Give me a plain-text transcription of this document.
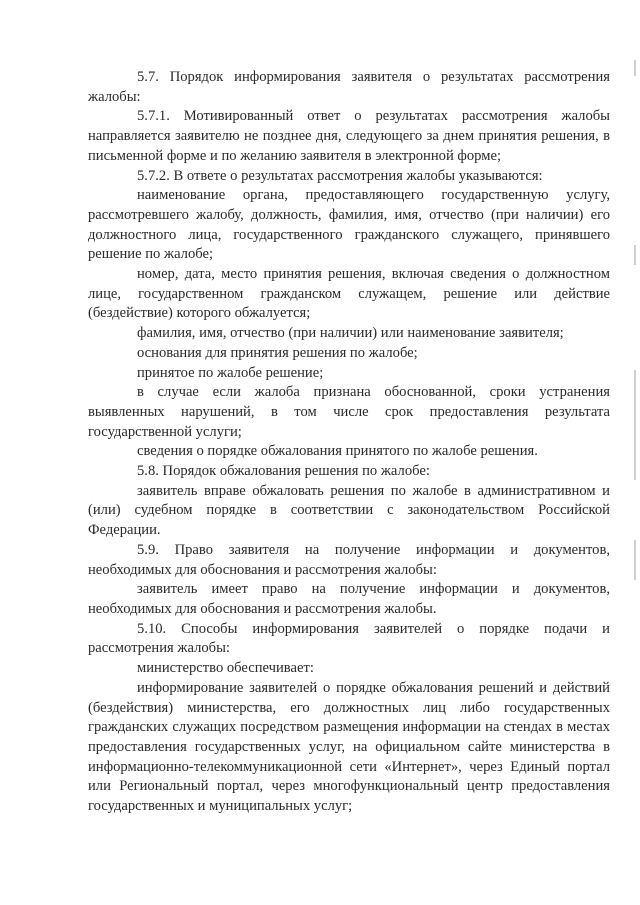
5.7. Порядок информирования заявителя о результатах рассмотрения жалобы:

5.7.1. Мотивированный ответ о результатах рассмотрения жалобы направляется заявителю не позднее дня, следующего за днем принятия решения, в письменной форме и по желанию заявителя в электронной форме;

5.7.2. В ответе о результатах рассмотрения жалобы указываются:

наименование органа, предоставляющего государственную услугу, рассмотревшего жалобу, должность, фамилия, имя, отчество (при наличии) его должностного лица, государственного гражданского служащего, принявшего решение по жалобе;

номер, дата, место принятия решения, включая сведения о должностном лице, государственном гражданском служащем, решение или действие (бездействие) которого обжалуется;

фамилия, имя, отчество (при наличии) или наименование заявителя;

основания для принятия решения по жалобе;

принятое по жалобе решение;

в случае если жалоба признана обоснованной, сроки устранения выявленных нарушений, в том числе срок предоставления результата государственной услуги;

сведения о порядке обжалования принятого по жалобе решения.

5.8. Порядок обжалования решения по жалобе:

заявитель вправе обжаловать решения по жалобе в административном и (или) судебном порядке в соответствии с законодательством Российской Федерации.

5.9. Право заявителя на получение информации и документов, необходимых для обоснования и рассмотрения жалобы:

заявитель имеет право на получение информации и документов, необходимых для обоснования и рассмотрения жалобы.

5.10. Способы информирования заявителей о порядке подачи и рассмотрения жалобы:

министерство обеспечивает:

информирование заявителей о порядке обжалования решений и действий (бездействия) министерства, его должностных лиц либо государственных гражданских служащих посредством размещения информации на стендах в местах предоставления государственных услуг, на официальном сайте министерства в информационно-телекоммуникационной сети «Интернет», через Единый портал или Региональный портал, через многофункциональный центр предоставления государственных и муниципальных услуг;
